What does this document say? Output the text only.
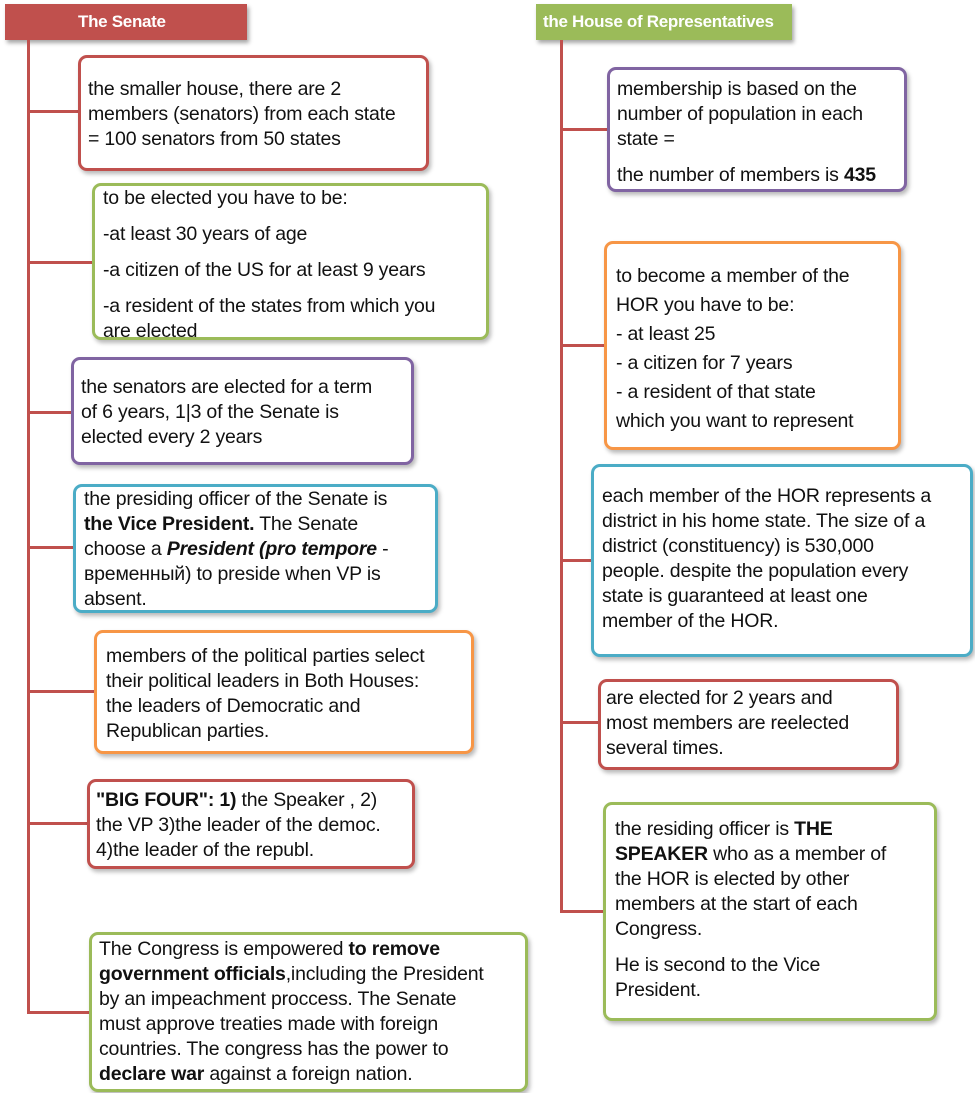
The Senate	the House of Representatives

the smaller house, there are 2

members (senators) from each state

= 100 senators from 50 states

to be elected you have to be:

-at least 30 years of age

-a citizen of the US for at least 9 years

-a resident of the states from which you

are elected

the senators are elected for a term

of 6 years, 1|3 of the Senate is

elected every 2 years

the presiding officer of the Senate is

the Vice President. The Senate

choose a President (pro tempore -

временный) to preside when VP is

absent.

members of the political parties select

their political leaders in Both Houses:

the leaders of Democratic and

Republican parties.

"BIG FOUR": 1) the Speaker , 2)

the VP 3)the leader of the democ.

4)the leader of the republ.

The Congress is empowered to remove

government officials,including the President

by an impeachment proccess. The Senate

must approve treaties made with foreign

countries. The congress has the power to

declare war against a foreign nation.

membership is based on the

number of population in each

state =

the number of members is 435

to become a member of the

HOR you have to be:

- at least 25

- a citizen for 7 years

- a resident of that state

which you want to represent

each member of the HOR represents a

district in his home state. The size of a

district (constituency) is 530,000

people. despite the population every

state is guaranteed at least one

member of the HOR.

are elected for 2 years and

most members are reelected

several times.

the residing officer is THE

SPEAKER who as a member of

the HOR is elected by other

members at the start of each

Congress.

He is second to the Vice

President.
